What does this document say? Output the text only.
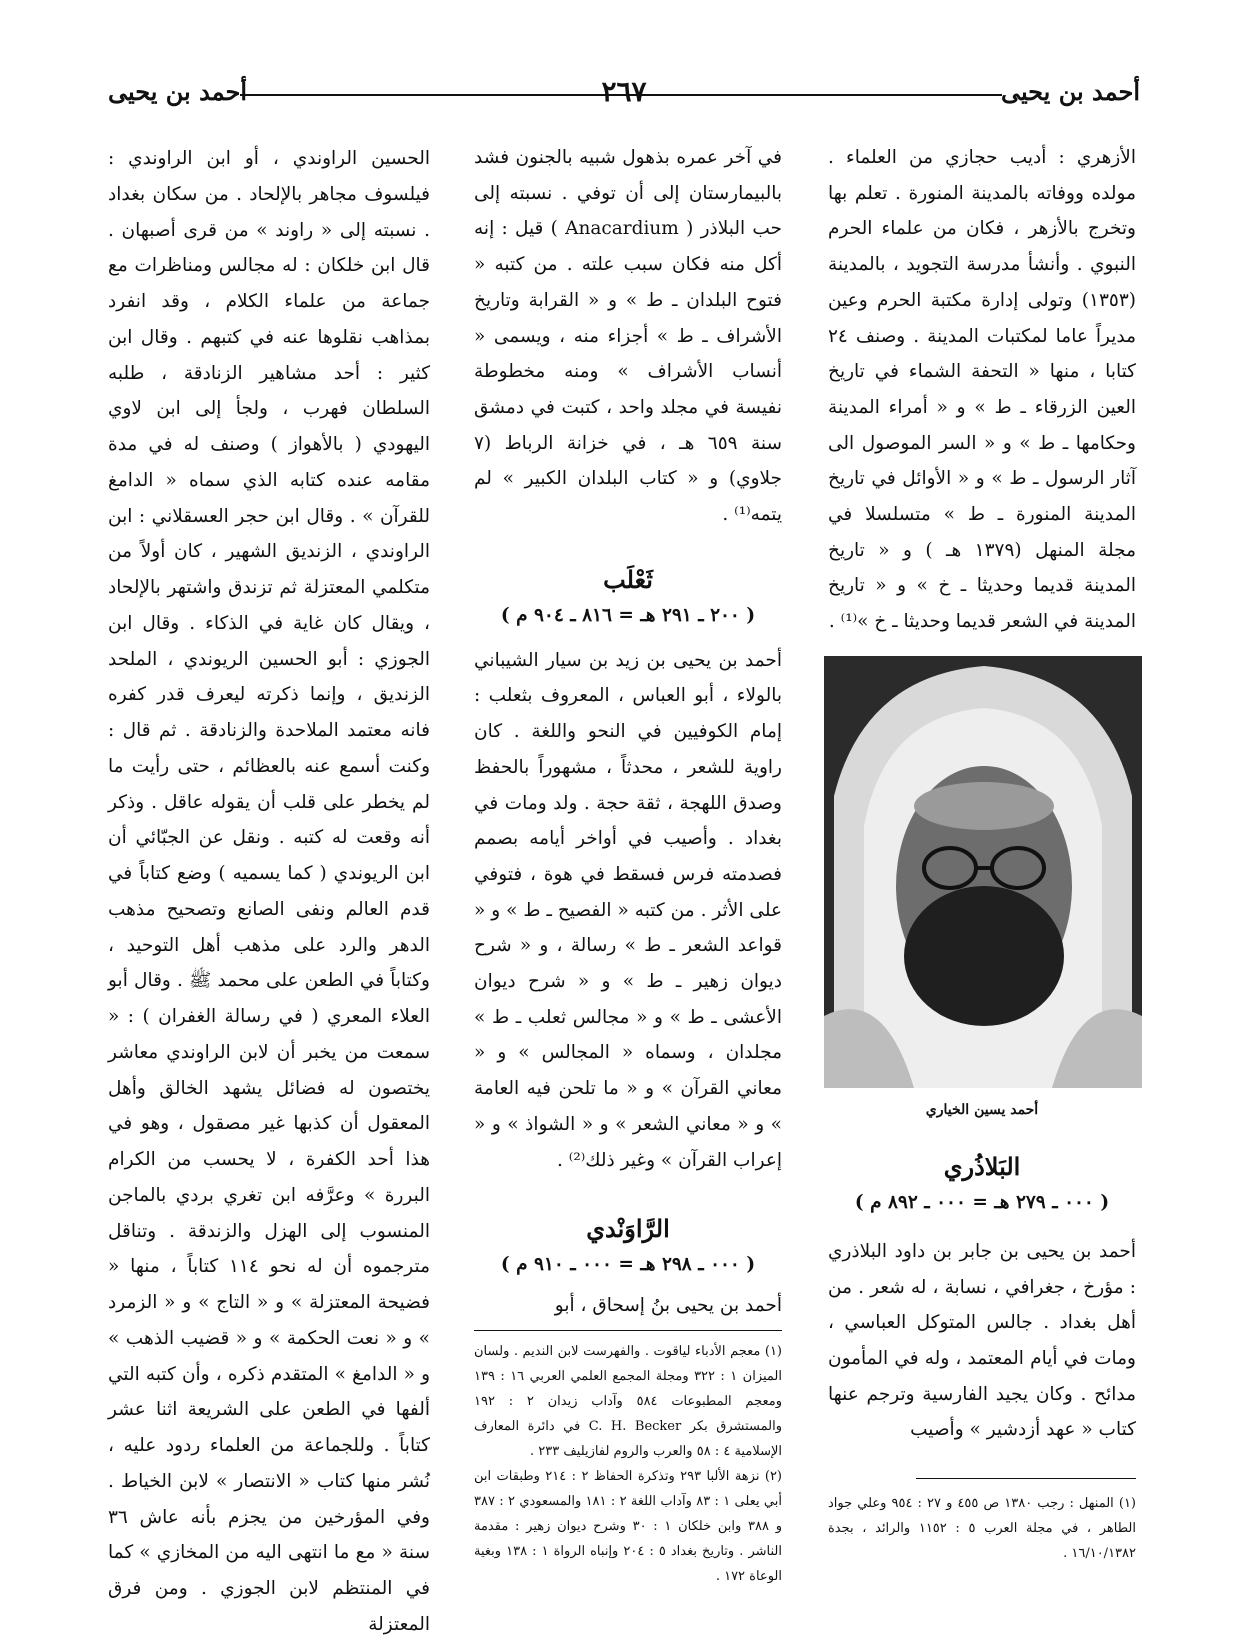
أحمد بن يحيى
٢٦٧
أحمد بن يحيى

الأزهري : أديب حجازي من العلماء . مولده ووفاته بالمدينة المنورة . تعلم بها وتخرج بالأزهر ، فكان من علماء الحرم النبوي . وأنشأ مدرسة التجويد ، بالمدينة (١٣٥٣) وتولى إدارة مكتبة الحرم وعين مديراً عاما لمكتبات المدينة . وصنف ٢٤ كتابا ، منها « التحفة الشماء في تاريخ العين الزرقاء ـ ط » و « أمراء المدينة وحكامها ـ ط » و « السر الموصول الى آثار الرسول ـ ط » و « الأوائل في تاريخ المدينة المنورة ـ ط » متسلسلا في مجلة المنهل (١٣٧٩ هـ ) و « تاريخ المدينة قديما وحديثا ـ خ » و « تاريخ المدينة في الشعر قديما وحديثا ـ خ »⁽¹⁾ .

أحمد يسين الخياري

البَلاذُري

( ٠٠٠ ـ ٢٧٩ هـ = ٠٠٠ ـ ٨٩٢ م )

أحمد بن يحيى بن جابر بن داود البلاذري : مؤرخ ، جغرافي ، نسابة ، له شعر . من أهل بغداد . جالس المتوكل العباسي ، ومات في أيام المعتمد ، وله في المأمون مدائح . وكان يجيد الفارسية وترجم عنها كتاب « عهد أزدشير » وأصيب

(١) المنهل : رجب ١٣٨٠ ص ٤٥٥ و ٢٧ : ٩٥٤ وعلي جواد الطاهر ، في مجلة العرب ٥ : ١١٥٢ والرائد ، بجدة ١٦/١٠/١٣٨٢ .

في آخر عمره بذهول شبيه بالجنون فشد بالبيمارستان إلى أن توفي . نسبته إلى حب البلاذر ( Anacardium ) قيل : إنه أكل منه فكان سبب علته . من كتبه « فتوح البلدان ـ ط » و « القرابة وتاريخ الأشراف ـ ط » أجزاء منه ، ويسمى « أنساب الأشراف » ومنه مخطوطة نفيسة في مجلد واحد ، كتبت في دمشق سنة ٦٥٩ هـ ، في خزانة الرباط (٧ جلاوي) و « كتاب البلدان الكبير » لم يتمه⁽¹⁾ .

ثَعْلَب

( ٢٠٠ ـ ٢٩١ هـ = ٨١٦ ـ ٩٠٤ م )

أحمد بن يحيى بن زيد بن سيار الشيباني بالولاء ، أبو العباس ، المعروف بثعلب : إمام الكوفيين في النحو واللغة . كان راوية للشعر ، محدثاً ، مشهوراً بالحفظ وصدق اللهجة ، ثقة حجة . ولد ومات في بغداد . وأصيب في أواخر أيامه بصمم فصدمته فرس فسقط في هوة ، فتوفي على الأثر . من كتبه « الفصيح ـ ط » و « قواعد الشعر ـ ط » رسالة ، و « شرح ديوان زهير ـ ط » و « شرح ديوان الأعشى ـ ط » و « مجالس ثعلب ـ ط » مجلدان ، وسماه « المجالس » و « معاني القرآن » و « ما تلحن فيه العامة » و « معاني الشعر » و « الشواذ » و « إعراب القرآن » وغير ذلك⁽²⁾ .

الرَّاوَنْدي

( ٠٠٠ ـ ٢٩٨ هـ = ٠٠٠ ـ ٩١٠ م )

أحمد بن يحيى بنُ إسحاق ، أبو

(١) معجم الأدباء لياقوت . والفهرست لابن النديم . ولسان الميزان ١ : ٣٢٢ ومجلة المجمع العلمي العربي ١٦ : ١٣٩ ومعجم المطبوعات ٥٨٤ وآداب زيدان ٢ : ١٩٢ والمستشرق بكر C. H. Becker في دائرة المعارف الإسلامية ٤ : ٥٨ والعرب والروم لفازيليف ٢٣٣ .

(٢) نزهة الألبا ٢٩٣ وتذكرة الحفاظ ٢ : ٢١٤ وطبقات ابن أبي يعلى ١ : ٨٣ وآداب اللغة ٢ : ١٨١ والمسعودي ٢ : ٣٨٧ و ٣٨٨ وابن خلكان ١ : ٣٠ وشرح ديوان زهير : مقدمة الناشر . وتاريخ بغداد ٥ : ٢٠٤ وإنباه الرواة ١ : ١٣٨ وبغية الوعاة ١٧٢ .

الحسين الراوندي ، أو ابن الراوندي : فيلسوف مجاهر بالإلحاد . من سكان بغداد . نسبته إلى « راوند » من قرى أصبهان . قال ابن خلكان : له مجالس ومناظرات مع جماعة من علماء الكلام ، وقد انفرد بمذاهب نقلوها عنه في كتبهم . وقال ابن كثير : أحد مشاهير الزنادقة ، طلبه السلطان فهرب ، ولجأ إلى ابن لاوي اليهودي ( بالأهواز ) وصنف له في مدة مقامه عنده كتابه الذي سماه « الدامغ للقرآن » . وقال ابن حجر العسقلاني : ابن الراوندي ، الزنديق الشهير ، كان أولاً من متكلمي المعتزلة ثم تزندق واشتهر بالإلحاد ، ويقال كان غاية في الذكاء . وقال ابن الجوزي : أبو الحسين الريوندي ، الملحد الزنديق ، وإنما ذكرته ليعرف قدر كفره فانه معتمد الملاحدة والزنادقة . ثم قال : وكنت أسمع عنه بالعظائم ، حتى رأيت ما لم يخطر على قلب أن يقوله عاقل . وذكر أنه وقعت له كتبه . ونقل عن الجبّائي أن ابن الريوندي ( كما يسميه ) وضع كتاباً في قدم العالم ونفى الصانع وتصحيح مذهب الدهر والرد على مذهب أهل التوحيد ، وكتاباً في الطعن على محمد ﷺ . وقال أبو العلاء المعري ( في رسالة الغفران ) : « سمعت من يخبر أن لابن الراوندي معاشر يختصون له فضائل يشهد الخالق وأهل المعقول أن كذبها غير مصقول ، وهو في هذا أحد الكفرة ، لا يحسب من الكرام البررة » وعرَّفه ابن تغري بردي بالماجن المنسوب إلى الهزل والزندقة . وتناقل مترجموه أن له نحو ١١٤ كتاباً ، منها « فضيحة المعتزلة » و « التاج » و « الزمرد » و « نعت الحكمة » و « قضيب الذهب » و « الدامغ » المتقدم ذكره ، وأن كتبه التي ألفها في الطعن على الشريعة اثنا عشر كتاباً . وللجماعة من العلماء ردود عليه ، نُشر منها كتاب « الانتصار » لابن الخياط . وفي المؤرخين من يجزم بأنه عاش ٣٦ سنة « مع ما انتهى اليه من المخازي » كما في المنتظم لابن الجوزي . ومن فرق المعتزلة
